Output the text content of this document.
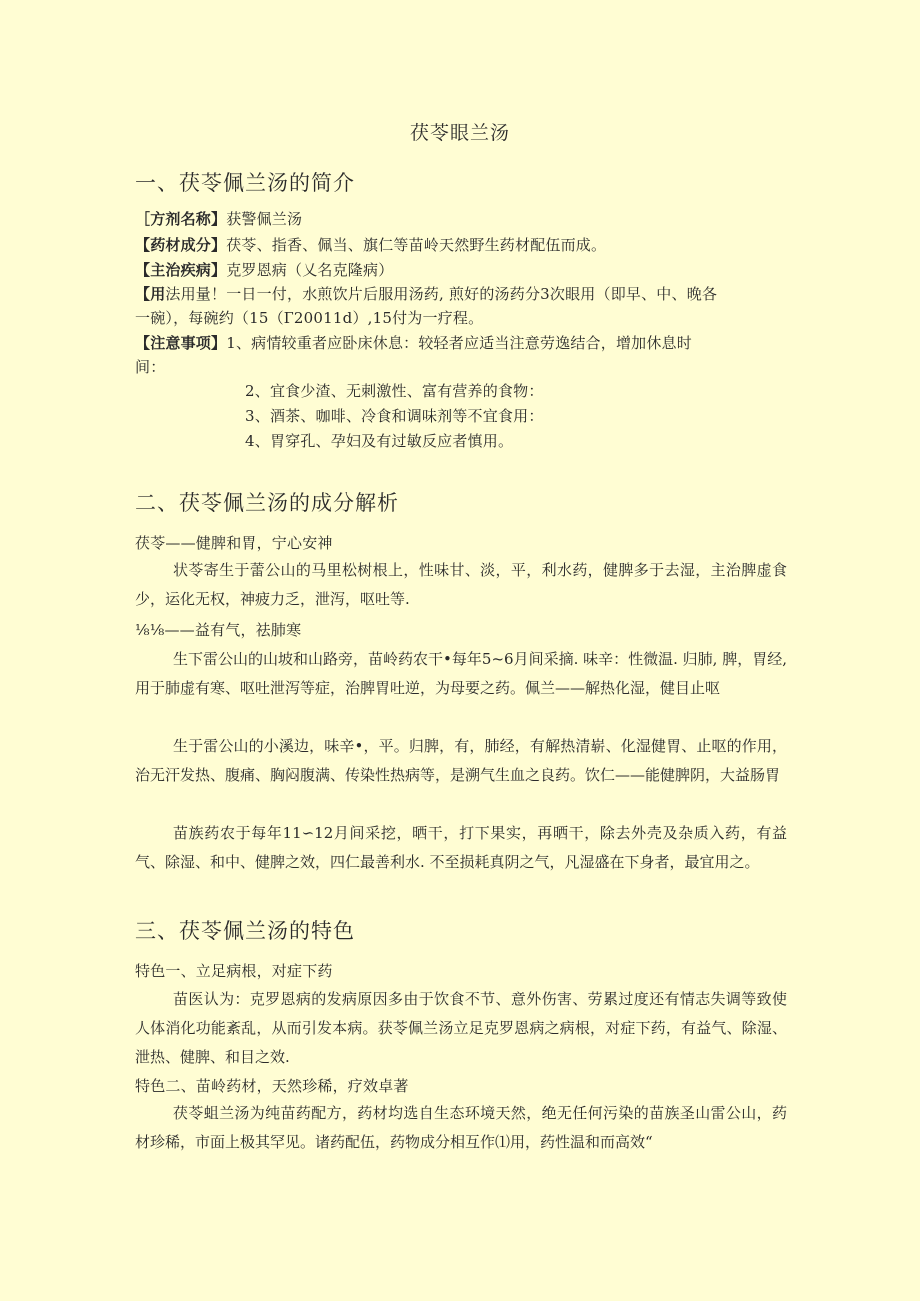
茯苓眼兰汤
一、茯苓佩兰汤的简介
［方剂名称】获警佩兰汤
【药材成分】茯苓、指香、佩当、旗仁等苗岭天然野生药材配伍而成。
【主治疾病】克罗恩病（乂名克隆病）
【用法用量！一日一付，水煎饮片后服用汤药, 煎好的汤药分3次眼用（即早、中、晚各
一碗），每碗约（15（Г20011d）,15付为一疗程。
【注意事项】1、病情较重者应卧床休息：较轻者应适当注意劳逸结合，增加休息时
间：
2、宜食少渣、无刺激性、富有营养的食物：
3、酒茶、咖啡、冷食和调味剂等不宜食用：
4、胃穿孔、孕妇及有过敏反应者慎用。
二、茯苓佩兰汤的成分解析
茯苓——健脾和胃，宁心安神
状苓寄生于蕾公山的马里松树根上，性味甘、淡，平，利水药，健脾多于去湿，主治脾虚食少，运化无权，神疲力乏，泄泻，呕吐等.
⅛⅛——益有气，祛肺寒
生下雷公山的山坡和山路旁，苗岭药农干•每年5~6月间采摘. 味辛：性微温. 归肺, 脾，胃经, 用于肺虚有寒、呕吐泄泻等症，治脾胃吐逆，为母要之药。佩兰——解热化湿，健目止呕
生于雷公山的小溪边，味辛•，平。归脾，有，肺经，有解热清崭、化湿健胃、止呕的作用，治无汗发热、腹痛、胸闷腹满、传染性热病等，是溯气生血之良药。饮仁——能健脾阴，大益肠胃
苗族药农于每年11∽12月间采挖，晒干，打下果实，再晒干，除去外壳及杂质入药，有益气、除湿、和中、健脾之效，四仁最善利水. 不至损耗真阴之气，凡湿盛在下身者，最宜用之。
三、茯苓佩兰汤的特色
特色一、立足病根，对症下药
苗医认为：克罗恩病的发病原因多由于饮食不节、意外伤害、劳累过度还有情志失调等致使人体消化功能紊乱，从而引发本病。获苓佩兰汤立足克罗恩病之病根，对症下药，有益气、除湿、泄热、健脾、和目之效.
特色二、苗岭药材，天然珍稀，疗效卓著
茯苓蛆兰汤为纯苗药配方，药材均选自生态环境天然，绝无任何污染的苗族圣山雷公山，药材珍稀，市面上极其罕见。诸药配伍，药物成分相互作⑴用，药性温和而高效“
